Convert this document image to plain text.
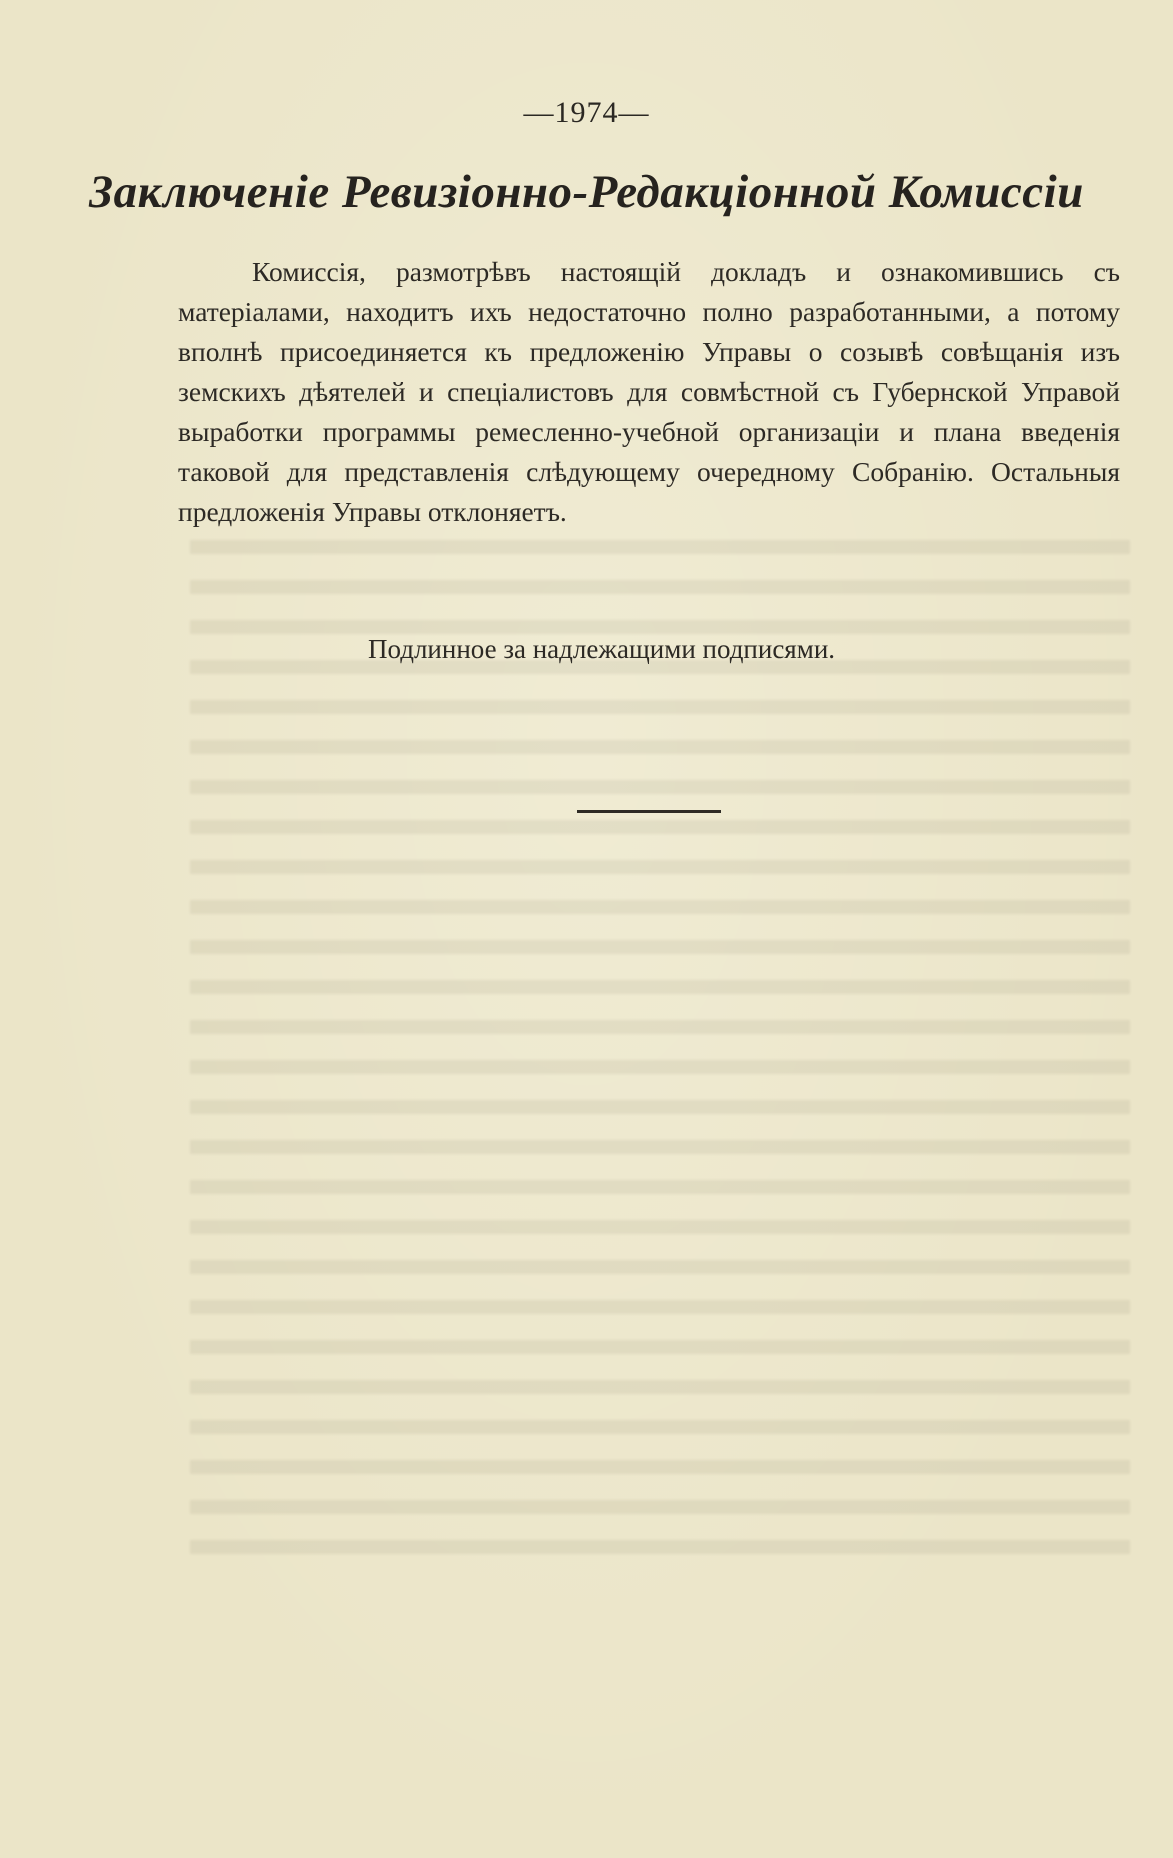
—1974—
Заключеніе Ревизіонно-Редакціонной Комиссіи
Комиссія, размотрѣвъ настоящій докладъ и ознакомившись съ матеріалами, находитъ ихъ недостаточно полно разработанными, а потому вполнѣ присоединяется къ предложенію Управы о созывѣ совѣщанія изъ земскихъ дѣятелей и спеціалистовъ для совмѣстной съ Губернской Управой выработки программы ремесленно-учебной организаціи и плана введенія таковой для представленія слѣдующему очередному Собранію. Остальныя предложенія Управы отклоняетъ.
Подлинное за надлежащими подписями.
